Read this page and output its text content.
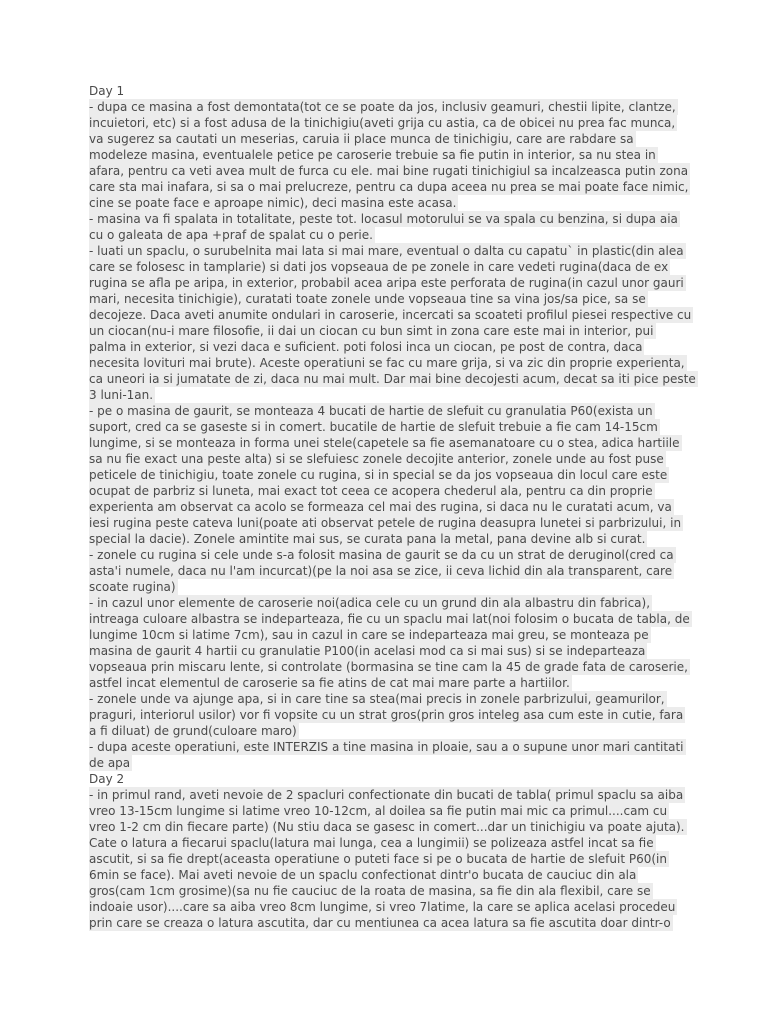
Day 1
- dupa ce masina a fost demontata(tot ce se poate da jos, inclusiv geamuri, chestii lipite, clantze,
incuietori, etc) si a fost adusa de la tinichigiu(aveti grija cu astia, ca de obicei nu prea fac munca,
va sugerez sa cautati un meserias, caruia ii place munca de tinichigiu, care are rabdare sa
modeleze masina, eventualele petice pe caroserie trebuie sa fie putin in interior, sa nu stea in
afara, pentru ca veti avea mult de furca cu ele. mai bine rugati tinichigiul sa incalzeasca putin zona
care sta mai inafara, si sa o mai prelucreze, pentru ca dupa aceea nu prea se mai poate face nimic,
cine se poate face e aproape nimic), deci masina este acasa.
- masina va fi spalata in totalitate, peste tot. locasul motorului se va spala cu benzina, si dupa aia
cu o galeata de apa +praf de spalat cu o perie.
- luati un spaclu, o surubelnita mai lata si mai mare, eventual o dalta cu capatu` in plastic(din alea
care se folosesc in tamplarie) si dati jos vopseaua de pe zonele in care vedeti rugina(daca de ex
rugina se afla pe aripa, in exterior, probabil acea aripa este perforata de rugina(in cazul unor gauri
mari, necesita tinichigie), curatati toate zonele unde vopseaua tine sa vina jos/sa pice, sa se
decojeze. Daca aveti anumite ondulari in caroserie, incercati sa scoateti profilul piesei respective cu
un ciocan(nu-i mare filosofie, ii dai un ciocan cu bun simt in zona care este mai in interior, pui
palma in exterior, si vezi daca e suficient. poti folosi inca un ciocan, pe post de contra, daca
necesita lovituri mai brute). Aceste operatiuni se fac cu mare grija, si va zic din proprie experienta,
ca uneori ia si jumatate de zi, daca nu mai mult. Dar mai bine decojesti acum, decat sa iti pice peste
3 luni-1an.
- pe o masina de gaurit, se monteaza 4 bucati de hartie de slefuit cu granulatia P60(exista un
suport, cred ca se gaseste si in comert. bucatile de hartie de slefuit trebuie a fie cam 14-15cm
lungime, si se monteaza in forma unei stele(capetele sa fie asemanatoare cu o stea, adica hartiile
sa nu fie exact una peste alta) si se slefuiesc zonele decojite anterior, zonele unde au fost puse
peticele de tinichigiu, toate zonele cu rugina, si in special se da jos vopseaua din locul care este
ocupat de parbriz si luneta, mai exact tot ceea ce acopera chederul ala, pentru ca din proprie
experienta am observat ca acolo se formeaza cel mai des rugina, si daca nu le curatati acum, va
iesi rugina peste cateva luni(poate ati observat petele de rugina deasupra lunetei si parbrizului, in
special la dacie). Zonele amintite mai sus, se curata pana la metal, pana devine alb si curat.
- zonele cu rugina si cele unde s-a folosit masina de gaurit se da cu un strat de deruginol(cred ca
asta'i numele, daca nu l'am incurcat)(pe la noi asa se zice, ii ceva lichid din ala transparent, care
scoate rugina)
- in cazul unor elemente de caroserie noi(adica cele cu un grund din ala albastru din fabrica),
intreaga culoare albastra se indeparteaza, fie cu un spaclu mai lat(noi folosim o bucata de tabla, de
lungime 10cm si latime 7cm), sau in cazul in care se indeparteaza mai greu, se monteaza pe
masina de gaurit 4 hartii cu granulatie P100(in acelasi mod ca si mai sus) si se indeparteaza
vopseaua prin miscaru lente, si controlate (bormasina se tine cam la 45 de grade fata de caroserie,
astfel incat elementul de caroserie sa fie atins de cat mai mare parte a hartiilor.
- zonele unde va ajunge apa, si in care tine sa stea(mai precis in zonele parbrizului, geamurilor,
praguri, interiorul usilor) vor fi vopsite cu un strat gros(prin gros inteleg asa cum este in cutie, fara
a fi diluat) de grund(culoare maro)
- dupa aceste operatiuni, este INTERZIS a tine masina in ploaie, sau a o supune unor mari cantitati
de apa
Day 2
- in primul rand, aveti nevoie de 2 spacluri confectionate din bucati de tabla( primul spaclu sa aiba
vreo 13-15cm lungime si latime vreo 10-12cm, al doilea sa fie putin mai mic ca primul....cam cu
vreo 1-2 cm din fiecare parte) (Nu stiu daca se gasesc in comert...dar un tinichigiu va poate ajuta).
Cate o latura a fiecarui spaclu(latura mai lunga, cea a lungimii) se polizeaza astfel incat sa fie
ascutit, si sa fie drept(aceasta operatiune o puteti face si pe o bucata de hartie de slefuit P60(in
6min se face). Mai aveti nevoie de un spaclu confectionat dintr'o bucata de cauciuc din ala
gros(cam 1cm grosime)(sa nu fie cauciuc de la roata de masina, sa fie din ala flexibil, care se
indoaie usor)....care sa aiba vreo 8cm lungime, si vreo 7latime, la care se aplica acelasi procedeu
prin care se creaza o latura ascutita, dar cu mentiunea ca acea latura sa fie ascutita doar dintr-o
